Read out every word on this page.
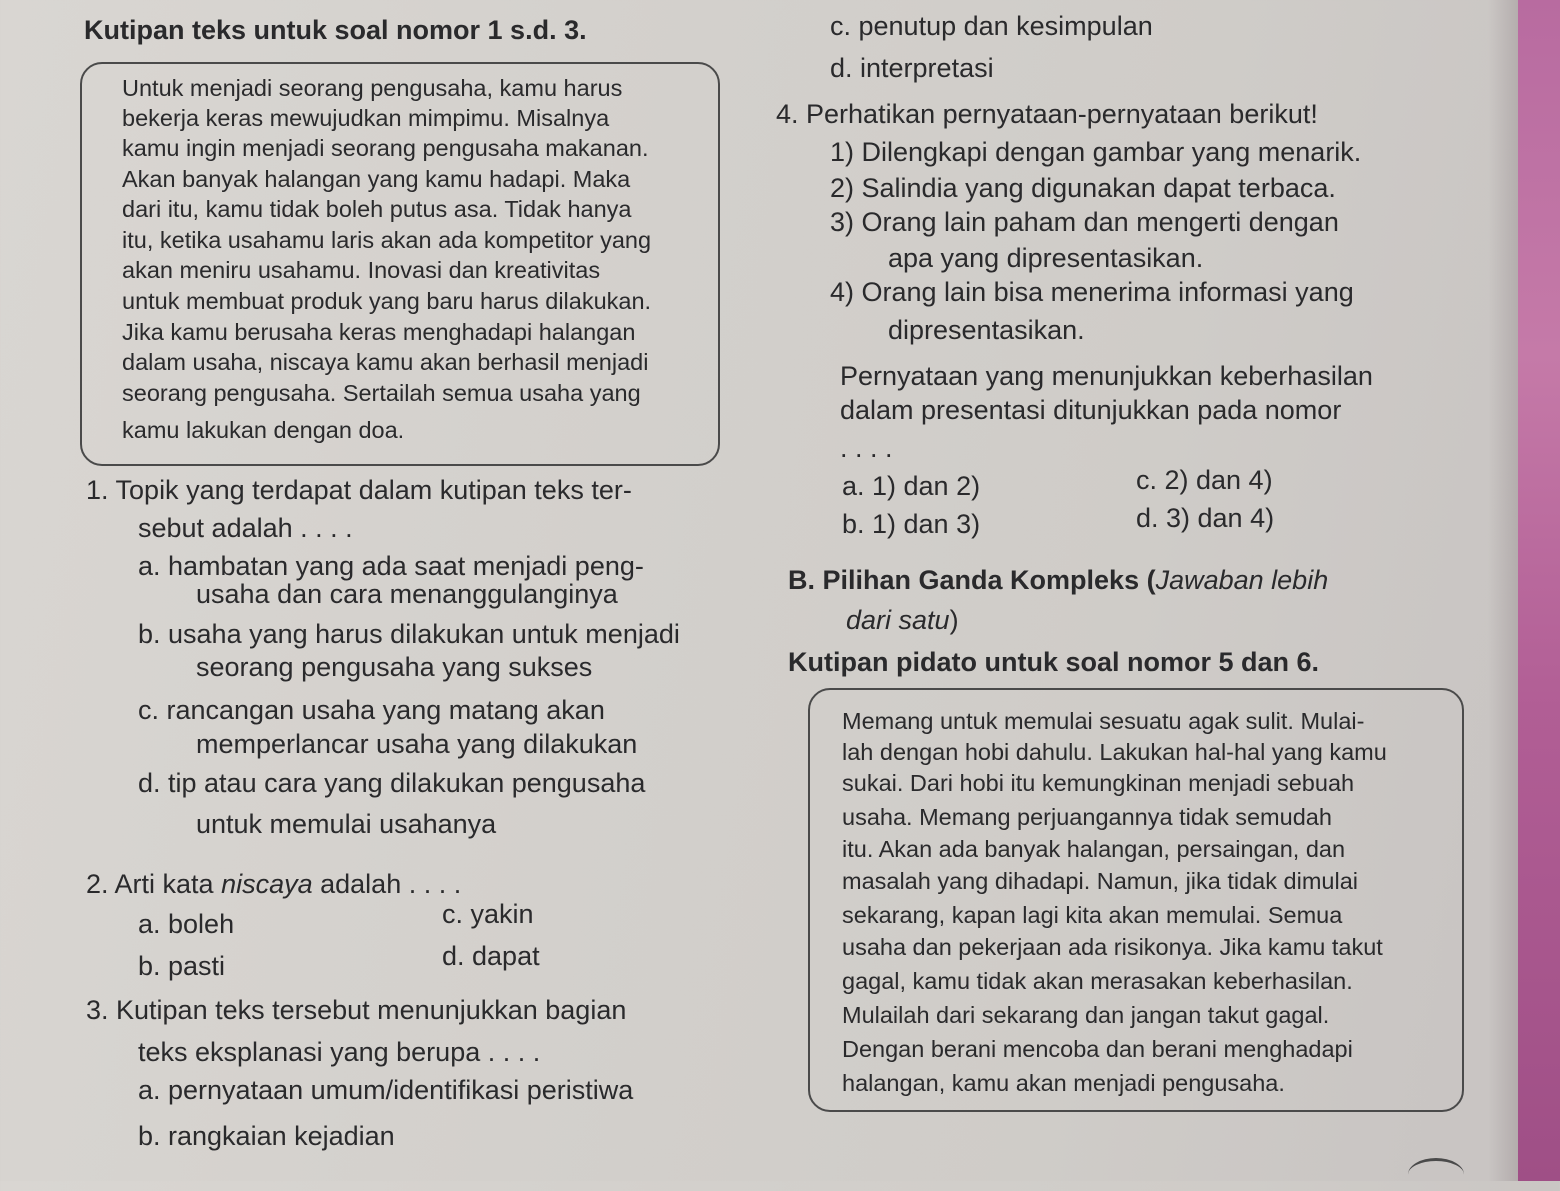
Kutipan teks untuk soal nomor 1 s.d. 3.
Untuk menjadi seorang pengusaha, kamu harus
bekerja keras mewujudkan mimpimu. Misalnya
kamu ingin menjadi seorang pengusaha makanan.
Akan banyak halangan yang kamu hadapi. Maka
dari itu, kamu tidak boleh putus asa. Tidak hanya
itu, ketika usahamu laris akan ada kompetitor yang
akan meniru usahamu. Inovasi dan kreativitas
untuk membuat produk yang baru harus dilakukan.
Jika kamu berusaha keras menghadapi halangan
dalam usaha, niscaya kamu akan berhasil menjadi
seorang pengusaha. Sertailah semua usaha yang
kamu lakukan dengan doa.
1. Topik yang terdapat dalam kutipan teks ter-
sebut adalah . . . .
a. hambatan yang ada saat menjadi peng-
usaha dan cara menanggulanginya
b. usaha yang harus dilakukan untuk menjadi
seorang pengusaha yang sukses
c. rancangan usaha yang matang akan
memperlancar usaha yang dilakukan
d. tip atau cara yang dilakukan pengusaha
untuk memulai usahanya
2. Arti kata niscaya adalah . . . .
a. boleh	c. yakin
b. pasti	d. dapat
3. Kutipan teks tersebut menunjukkan bagian
teks eksplanasi yang berupa . . . .
a. pernyataan umum/identifikasi peristiwa
b. rangkaian kejadian
c. penutup dan kesimpulan
d. interpretasi
4. Perhatikan pernyataan-pernyataan berikut!
1) Dilengkapi dengan gambar yang menarik.
2) Salindia yang digunakan dapat terbaca.
3) Orang lain paham dan mengerti dengan
apa yang dipresentasikan.
4) Orang lain bisa menerima informasi yang
dipresentasikan.
Pernyataan yang menunjukkan keberhasilan
dalam presentasi ditunjukkan pada nomor
. . . .
a. 1) dan 2)
b. 1) dan 3)
c. 2) dan 4)
d. 3) dan 4)
B. Pilihan Ganda Kompleks (Jawaban lebih
dari satu)
Kutipan pidato untuk soal nomor 5 dan 6.
Memang untuk memulai sesuatu agak sulit. Mulai-
lah dengan hobi dahulu. Lakukan hal-hal yang kamu
sukai. Dari hobi itu kemungkinan menjadi sebuah
usaha. Memang perjuangannya tidak semudah
itu. Akan ada banyak halangan, persaingan, dan
masalah yang dihadapi. Namun, jika tidak dimulai
sekarang, kapan lagi kita akan memulai. Semua
usaha dan pekerjaan ada risikonya. Jika kamu takut
gagal, kamu tidak akan merasakan keberhasilan.
Mulailah dari sekarang dan jangan takut gagal.
Dengan berani mencoba dan berani menghadapi
halangan, kamu akan menjadi pengusaha.
